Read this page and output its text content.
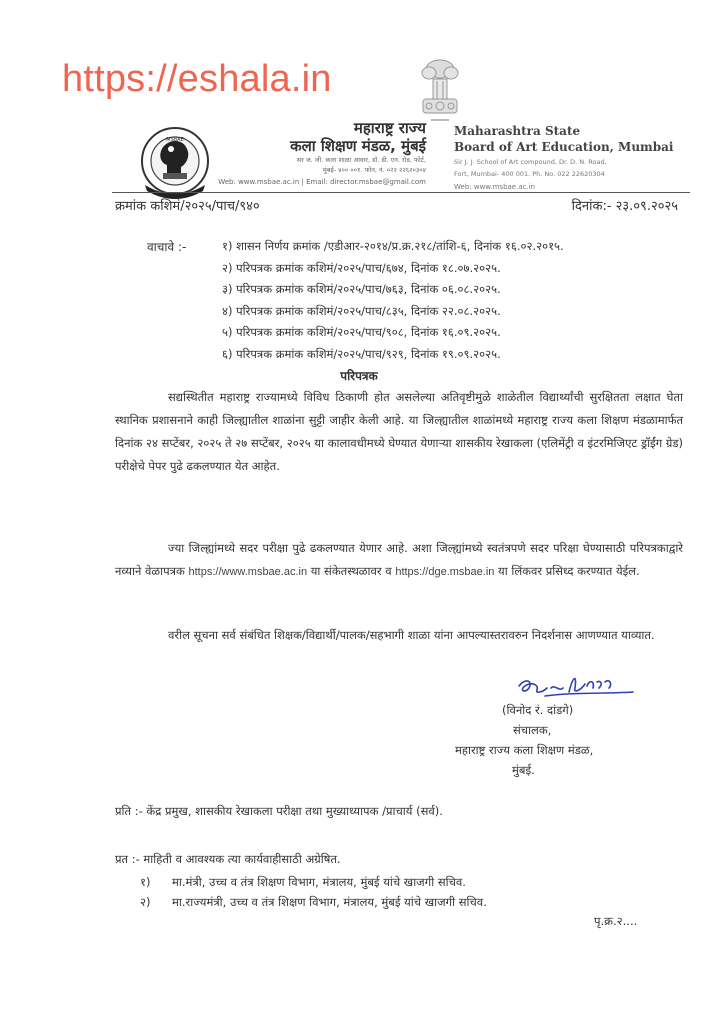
https://eshala.in
MSBAE
महाराष्ट्र राज्य
कला शिक्षण मंडळ, मुंबई
सर ज. जी. कला शाळा आवार, डॉ. डी. एन. रोड, फोर्ट,
मुंबई- ४०० ००१. फोन, नं. ०२२ २२६२०३०४
Web: www.msbae.ac.in | Email: director.msbae@gmail.com
Maharashtra State
Board of Art Education, Mumbai
Sir J. J. School of Art compound, Dr. D. N. Road,
Fort, Mumbai- 400 001. Ph. No. 022 22620304
Web: www.msbae.ac.in
क्रमांक कशिमं/२०२५/पाच/९४०	दिनांक:- २३.०९.२०२५
वाचावे :-	१) शासन निर्णय क्रमांक /एडीआर-२०१४/प्र.क्र.२१८/तांशि-६, दिनांक १६.०२.२०१५.
२) परिपत्रक क्रमांक कशिमं/२०२५/पाच/६७४, दिनांक १८.०७.२०२५.
३) परिपत्रक क्रमांक कशिमं/२०२५/पाच/७६३, दिनांक ०६.०८.२०२५.
४) परिपत्रक क्रमांक कशिमं/२०२५/पाच/८३५, दिनांक २२.०८.२०२५.
५) परिपत्रक क्रमांक कशिमं/२०२५/पाच/९०८, दिनांक १६.०९.२०२५.
६) परिपत्रक क्रमांक कशिमं/२०२५/पाच/९२९, दिनांक १९.०९.२०२५.
परिपत्रक

सद्यस्थितीत महाराष्ट्र राज्यामध्ये विविध ठिकाणी होत असलेल्या अतिवृष्टीमुळे शाळेतील विद्यार्थ्यांची सुरक्षितता लक्षात घेता स्थानिक प्रशासनाने काही जिल्ह्यातील शाळांना सुट्टी जाहीर केली आहे. या जिल्ह्यातील शाळांमध्ये महाराष्ट्र राज्य कला शिक्षण मंडळामार्फत दिनांक २४ सप्टेंबर, २०२५ ते २७ सप्टेंबर, २०२५ या कालावधीमध्ये घेण्यात येणाऱ्या शासकीय रेखाकला (एलिमेंट्री व इंटरमिजिएट ड्रॉईंग ग्रेड) परीक्षेचे पेपर पुढे ढकलण्यात येत आहेत.

ज्या जिल्ह्यांमध्ये सदर परीक्षा पुढे ढकलण्यात येणार आहे. अशा जिल्ह्यांमध्ये स्वतंत्रपणे सदर परिक्षा घेण्यासाठी परिपत्रकाद्वारे नव्याने वेळापत्रक https://www.msbae.ac.in या संकेतस्थळावर व https://dge.msbae.in या लिंकवर प्रसिध्द करण्यात येईल.

वरील सूचना सर्व संबंधित शिक्षक/विद्यार्थी/पालक/सहभागी शाळा यांना आपल्यास्तरावरुन निदर्शनास आणण्यात याव्यात.

(विनोद रं. दांडगे)
संचालक,
महाराष्ट्र राज्य कला शिक्षण मंडळ,
मुंबई.
प्रति :- केंद्र प्रमुख, शासकीय रेखाकला परीक्षा तथा मुख्याध्यापक /प्राचार्य (सर्व).
प्रत :- माहिती व आवश्यक त्या कार्यवाहीसाठी अग्रेषित.
१) मा.मंत्री, उच्च व तंत्र शिक्षण विभाग, मंत्रालय, मुंबई यांचे खाजगी सचिव.
२) मा.राज्यमंत्री, उच्च व तंत्र शिक्षण विभाग, मंत्रालय, मुंबई यांचे खाजगी सचिव.
पृ.क्र.२....
